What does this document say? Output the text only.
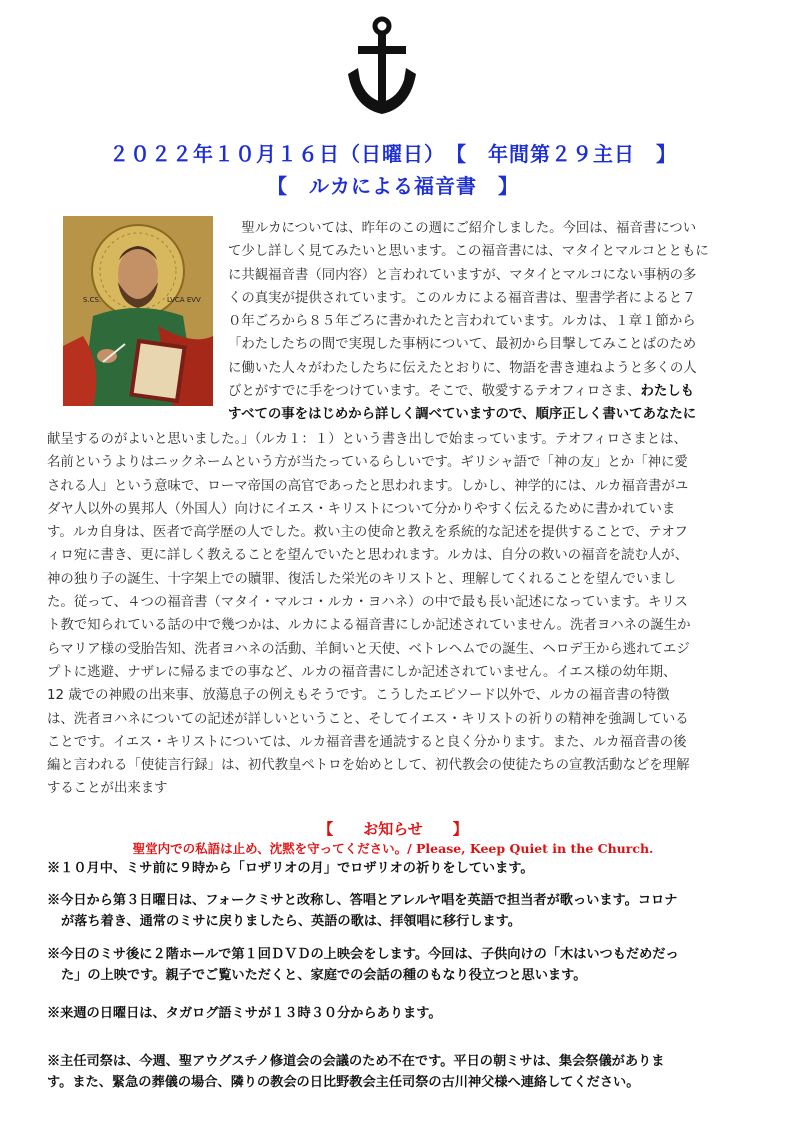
２０２２年１０月１６日（日曜日）　【　年間第２９主日　】
【　ルカによる福音書　】
S.CS.	LVCA EVV
　聖ルカについては、昨年のこの週にご紹介しました。今回は、福音書につい
て少し詳しく見てみたいと思います。この福音書には、マタイとマルコとともに
に共観福音書（同内容）と言われていますが、マタイとマルコにない事柄の多
くの真実が提供されています。このルカによる福音書は、聖書学者によると７
０年ごろから８５年ごろに書かれたと言われています。ルカは、１章１節から
「わたしたちの間で実現した事柄について、最初から目撃してみことばのため
に働いた人々がわたしたちに伝えたとおりに、物語を書き連ねようと多くの人
びとがすでに手をつけています。そこで、敬愛するテオフィロさま、わたしも
すべての事をはじめから詳しく調べていますので、順序正しく書いてあなたに
献呈するのがよいと思いました。」（ルカ１：１）という書き出しで始まっています。テオフィロさまとは、
名前というよりはニックネームという方が当たっているらしいです。ギリシャ語で「神の友」とか「神に愛
される人」という意味で、ローマ帝国の高官であったと思われます。しかし、神学的には、ルカ福音書がユ
ダヤ人以外の異邦人（外国人）向けにイエス・キリストについて分かりやすく伝えるために書かれていま
す。ルカ自身は、医者で高学歴の人でした。救い主の使命と教えを系統的な記述を提供することで、テオフ
ィロ宛に書き、更に詳しく教えることを望んでいたと思われます。ルカは、自分の救いの福音を読む人が、
神の独り子の誕生、十字架上での贖罪、復活した栄光のキリストと、理解してくれることを望んでいまし
た。従って、４つの福音書（マタイ・マルコ・ルカ・ヨハネ）の中で最も長い記述になっています。キリス
ト教で知られている話の中で幾つかは、ルカによる福音書にしか記述されていません。洗者ヨハネの誕生か
らマリア様の受胎告知、洗者ヨハネの活動、羊飼いと天使、ベトレヘムでの誕生、ヘロデ王から逃れてエジ
プトに逃避、ナザレに帰るまでの事など、ルカの福音書にしか記述されていません。イエス様の幼年期、
12 歳での神殿の出来事、放蕩息子の例えもそうです。こうしたエピソード以外で、ルカの福音書の特徴
は、洗者ヨハネについての記述が詳しいということ、そしてイエス・キリストの祈りの精神を強調している
ことです。イエス・キリストについては、ルカ福音書を通読すると良く分かります。また、ルカ福音書の後
編と言われる「使徒言行録」は、初代教皇ペトロを始めとして、初代教会の使徒たちの宣教活動などを理解
することが出来ます
【　　お知らせ　　】
聖堂内での私語は止め、沈黙を守ってください。/ Please, Keep Quiet in the Church.
※１０月中、ミサ前に９時から「ロザリオの月」でロザリオの祈りをしています。
※今日から第３日曜日は、フォークミサと改称し、答唱とアレルヤ唱を英語で担当者が歌っいます。コロナ
が落ち着き、通常のミサに戻りましたら、英語の歌は、拝領唱に移行します。
※今日のミサ後に２階ホールで第１回ＤＶＤの上映会をします。今回は、子供向けの「木はいつもだめだっ
た」の上映です。親子でご覧いただくと、家庭での会話の種のもなり役立つと思います。
※来週の日曜日は、タガログ語ミサが１３時３０分からあります。
※主任司祭は、今週、聖アウグスチノ修道会の会議のため不在です。平日の朝ミサは、集会祭儀がありま
す。また、緊急の葬儀の場合、隣りの教会の日比野教会主任司祭の古川神父様へ連絡してください。
